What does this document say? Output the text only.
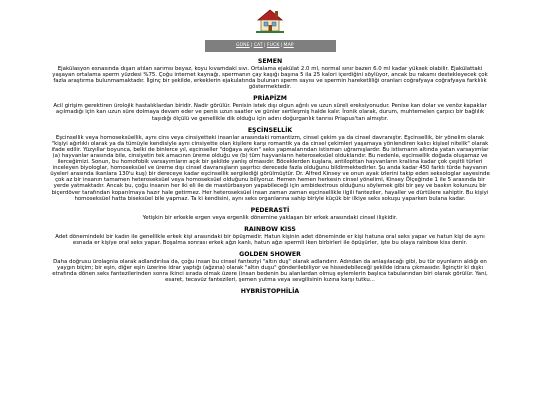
GÜNE|CAT|FUCK|MAP
SEMEN

Ejakülasyon esnasında dışarı atılan sarımsı beyaz, koyu kıvamdaki sıvı. Ortalama ejakülat 2.0 ml, normal sınır bazen 6.0 ml kadar yüksek olabilir. Ejakülattaki yaşayan ortalama sperm yüzdesi %75. Çoğu internet kaynağı, spermanın çay kaşığı başına 5 ila 25 kalori içerdiğini söylüyor, ancak bu rakamı destekleyecek çok fazla araştırma bulunmamaktadır. İlginç bir şekilde, erkeklerin ejakulatında bulunan sperm sayısı ve spermin hareketliliği oranları coğrafyaya coğrafyaya farklılık göstermektedir.

PRİAPİZM

Acil girişim gerektiren ürolojik hastalıklardan biridir. Nadir görülür. Penisin istek dışı olgun ağrılı ve uzun süreli ereksiyonudur. Penise kan dolar ve venöz kapaklar açılmadığı için kan uzun süre dolmaya devam eder ve penis uzun saatler ve günler sertleşmiş halde kalır. İronik olarak, durum, muhtemelen çarpıcı bir bağlılık taşıdığı ölçülü ve genellikle dik olduğu için adını doğurganlık tanrısı Priapus'tan almıştır.

EŞCİNSELLİK

Eşcinsellik veya homoseksüellik, aynı cins veya cinsiyetteki insanlar arasındaki romantizm, cinsel çekim ya da cinsel davranıştır. Eşcinsellik, bir yönelim olarak "kişiyi ağırlıklı olarak ya da tümüyle kendisiyle aynı cinsiyette olan kişilere karşı romantik ya da cinsel çekimleri yaşamaya yönlendiren kalıcı kişisel nitelik" olarak ifade edilir. Yüzyıllar boyunca, belki de binlerce yıl, eşcinseller "doğaya aykırı" seks yapmalarından istismarı uğramışlardır. Bu istismarın altında yatan varsayımlar (a) hayvanlar arasında bile, cinsiyetin tek amacının üreme olduğu ve (b) tüm hayvanların heteroseksüel olduklarıdır. Bu nedenle, eşcinsellik doğada oluşamaz ve ilerceğimizi. Sonun, bu homofobik varsayımların açık bir şekilde yanlış olmasıdır. Böceklerden kuşlara, antilopttan hayvanların kraliına kadar çok çeşitli türleri inceleyen biyologlar, homoseksüel ve üreme dışı cinsel davranışların şaşırtıcı derecede fazla olduğunu bildirmektedirler. Şu anda kadar 450 farklı türde hayvanın üyeleri arasında ikanlara 130'u kuş) bir dereceye kadar eşcinsellik sergilediği görülmüştür. Dr. Alfred Kinsey ve onun ayak izlerini takip eden seksologlar sayesinde çok az bir insanın tamamen heteroseksüel veya homoseksüel olduğunu biliyoruz. Hemen hemen herkesin cinsel yönelimi, Kinsey Ölçeğinde 1 ile 5 arasında bir yerde yatmaktadır. Ancak bu, çoğu insanın her iki eli ile de mastürbasyon yapabileceği için ambidextrous olduğunu söylemek gibi bir şey ve baskın kolunuzu bir biçerdöver tarafından koparılmaya hazır hale getirmez. Her heteroseksüel insan zaman zaman eşcinsellikle ilgili fanteziler, hayaller ve dürtülere sahiptir. Bu kişiyi homoseksüel hatta biseksüel bile yapmaz. Ta ki kendisini, aynı seks organlarına sahip biriyle küçük bir ilkiye seks sokuşu yaparken bulana kadar.

PEDERASTİ

Yetişkin bir erkekle ergen veya ergenlik dönemine yaklaşan bir erkek arasındaki cinsel ilişkidir.

RAINBOW KISS

Adet dönemindeki bir kadın ile genellikle erkek kişi arasındaki bir öpüşmedir. Hatun kişinin adet döneminde er kişi hatuna oral seks yapar ve hatun kişi de aynı esnada er kişiye oral seks yapar. Boşalma sonrası erkek ağzı kanlı, hatun ağzı spermli iken birbirleri ile öpüşürler, işte bu olaya rainbow kiss denir.

GOLDEN SHOWER

Daha doğrusu ürolagnia olarak adlandırılsa da, çoğu insan bu cinsel fanteziyi "altın duş" olarak adlandırır. Adından da anlaşılacağı gibi, bu tür oyunların aldığı en yaygın biçim; bir eşin, diğer eşin üzerine idrar yaptığı (ağzına) olarak "altın duşu" gönderilebiliyor ve hissedebileceği şekilde idrara çıkmasıdır. İlginçtir ki dışkı etrafında dönen seks fantezilerinden sonra ikinci sırada olmak üzere (insan bedenin bu alanlardan olmuş eylemlerin başlıca tabularından biri olarak görülür. Yani, esaret, tecavüz fantezileri, şemen yutma veya sevgilisinin kızına karşı tutku...

HYBRİSTOPHİLİA
